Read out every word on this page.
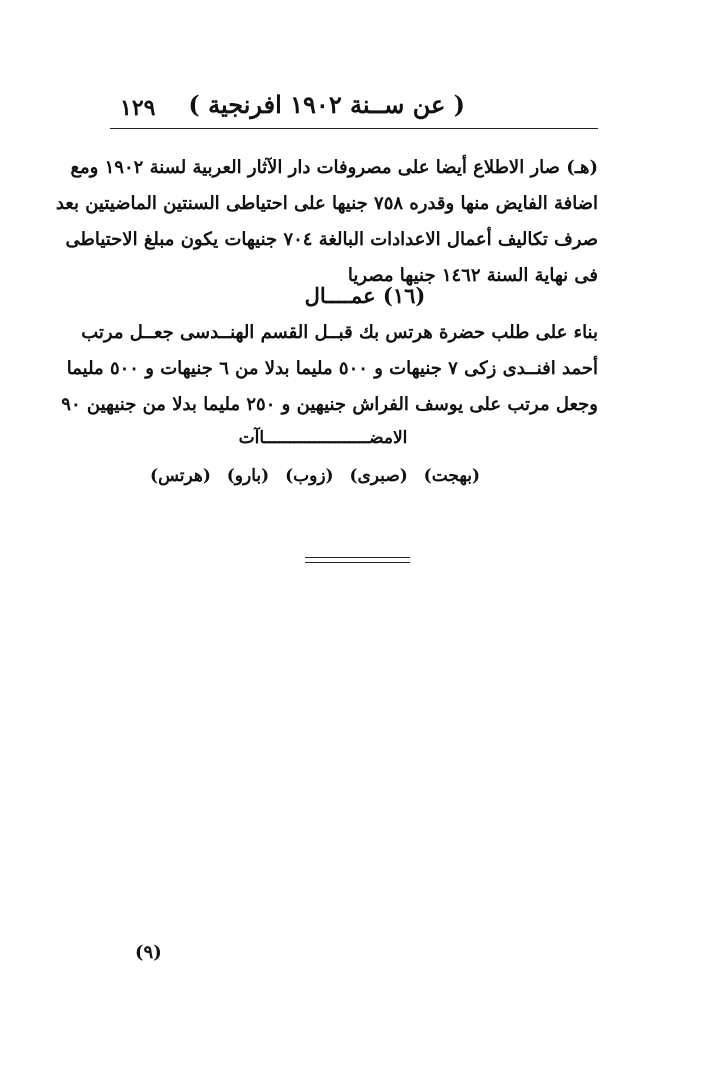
١٢٩ ( عن ســنة ١٩٠٢ افرنجية )
(هـ) صار الاطلاع أيضا على مصروفات دار الآثار العربية لسنة ١٩٠٢ ومع
اضافة الفايض منها وقدره ٧٥٨ جنيها على احتياطى السنتين الماضيتين بعد
صرف تكاليف أعمال الاعدادات البالغة ٧٠٤ جنيهات يكون مبلغ الاحتياطى
فى نهاية السنة ١٤٦٢ جنيها مصريا
(١٦) عمــــال
بناء على طلب حضرة هرتس بك قبــل القسم الهنــدسى جعــل مرتب
أحمد افنــدى زكى ٧ جنيهات و ٥٠٠ مليما بدلا من ٦ جنيهات و ٥٠٠ مليما
وجعل مرتب على يوسف الفراش جنيهين و ٢٥٠ مليما بدلا من جنيهين ٩٠
الامضـــــــــــــــــــــاآت
(بهجت)
(صبرى)
(زوب)
(بارو)
(هرتس)
(٩)
